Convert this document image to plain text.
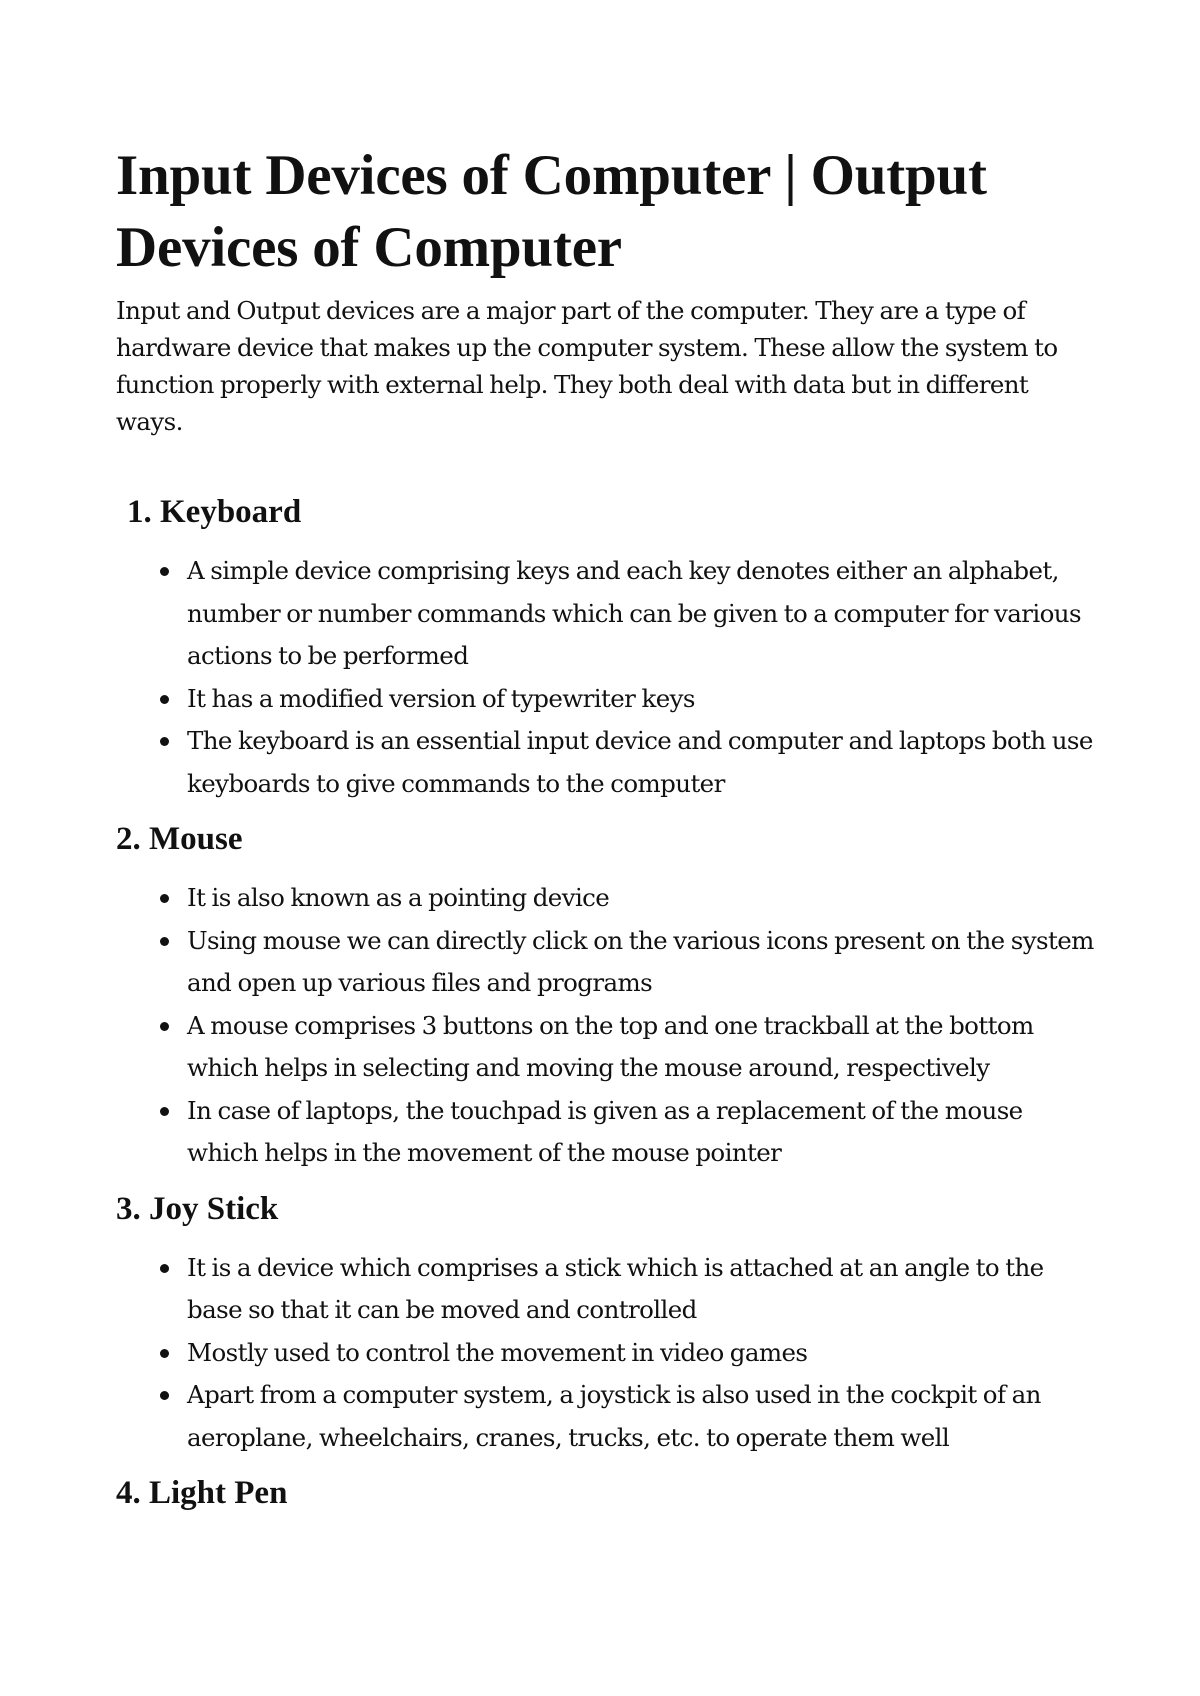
Input Devices of Computer | Output Devices of Computer

Input and Output devices are a major part of the computer. They are a type of hardware device that makes up the computer system. These allow the system to function properly with external help. They both deal with data but in different ways.

1. Keyboard
A simple device comprising keys and each key denotes either an alphabet, number or number commands which can be given to a computer for various actions to be performed
It has a modified version of typewriter keys
The keyboard is an essential input device and computer and laptops both use keyboards to give commands to the computer
2. Mouse
It is also known as a pointing device
Using mouse we can directly click on the various icons present on the system and open up various files and programs
A mouse comprises 3 buttons on the top and one trackball at the bottom which helps in selecting and moving the mouse around, respectively
In case of laptops, the touchpad is given as a replacement of the mouse which helps in the movement of the mouse pointer
3. Joy Stick
It is a device which comprises a stick which is attached at an angle to the base so that it can be moved and controlled
Mostly used to control the movement in video games
Apart from a computer system, a joystick is also used in the cockpit of an aeroplane, wheelchairs, cranes, trucks, etc. to operate them well
4. Light Pen
